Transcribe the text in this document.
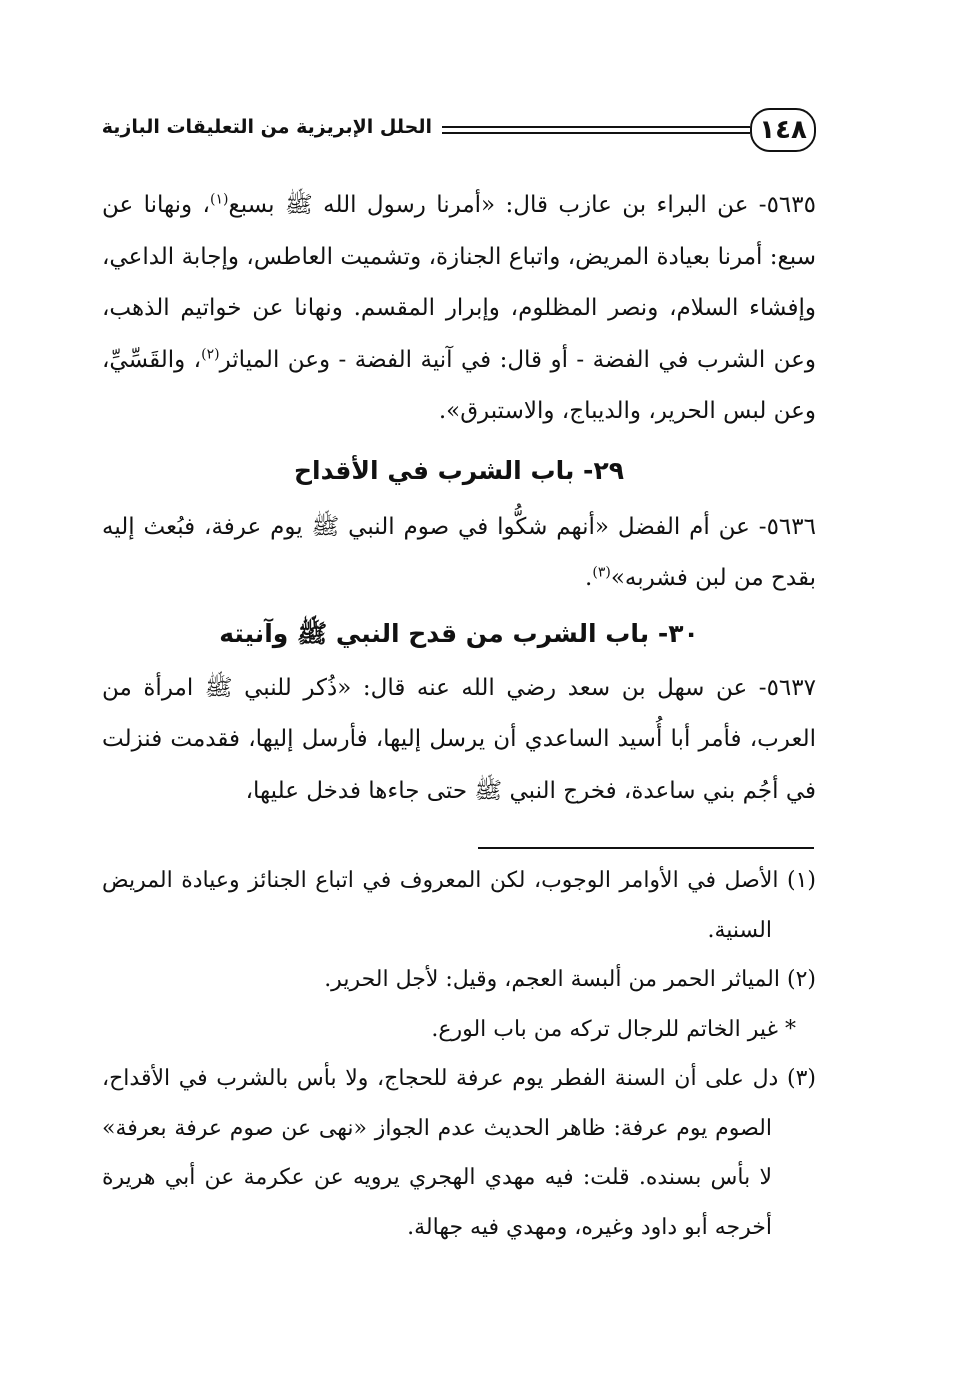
١٤٨
الحلل الإبريزية من التعليقات البازية

٥٦٣٥- عن البراء بن عازب قال: «أمرنا رسول الله ﷺ بسبع$^{(١)}$، ونهانا عن سبع: أمرنا بعيادة المريض، واتباع الجنازة، وتشميت العاطس، وإجابة الداعي، وإفشاء السلام، ونصر المظلوم، وإبرار المقسم. ونهانا عن خواتيم الذهب، وعن الشرب في الفضة - أو قال: في آنية الفضة - وعن المياثر$^{(٢)}$، والقَسِّيِّ، وعن لبس الحرير، والديباج، والاستبرق».

٢٩- باب الشرب في الأقداح

٥٦٣٦- عن أم الفضل «أنهم شكُّوا في صوم النبي ﷺ يوم عرفة، فبُعث إليه بقدح من لبن فشربه»$^{(٣)}$.

٣٠- باب الشرب من قدح النبي ﷺ وآنيته

٥٦٣٧- عن سهل بن سعد رضي الله عنه قال: «ذُكر للنبي ﷺ امرأة من العرب، فأمر أبا أُسيد الساعدي أن يرسل إليها، فأرسل إليها، فقدمت فنزلت في أجُم بني ساعدة، فخرج النبي ﷺ حتى جاءها فدخل عليها،

(١) الأصل في الأوامر الوجوب، لكن المعروف في اتباع الجنائز وعيادة المريض السنية.

(٢) المياثر الحمر من ألبسة العجم، وقيل: لأجل الحرير.

* غير الخاتم للرجال تركه من باب الورع.

(٣) دل على أن السنة الفطر يوم عرفة للحجاج، ولا بأس بالشرب في الأقداح، الصوم يوم عرفة: ظاهر الحديث عدم الجواز «نهى عن صوم عرفة بعرفة» لا بأس بسنده. قلت: فيه مهدي الهجري يرويه عن عكرمة عن أبي هريرة أخرجه أبو داود وغيره، ومهدي فيه جهالة.
